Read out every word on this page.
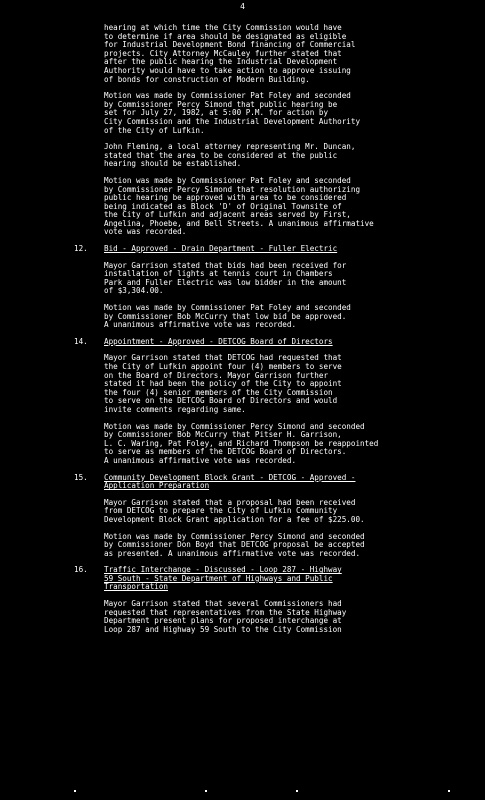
4

hearing at which time the City Commission would have

to determine if area should be designated as eligible

for Industrial Development Bond financing of Commercial

projects. City Attorney McCauley further stated that

after the public hearing the Industrial Development

Authority would have to take action to approve issuing

of bonds for construction of Modern Building.

Motion was made by Commissioner Pat Foley and seconded

by Commissioner Percy Simond that public hearing be

set for July 27, 1982, at 5:00 P.M. for action by

City Commission and the Industrial Development Authority

of the City of Lufkin.

John Fleming, a local attorney representing Mr. Duncan,

stated that the area to be considered at the public

hearing should be established.

Motion was made by Commissioner Pat Foley and seconded

by Commissioner Percy Simond that resolution authorizing

public hearing be approved with area to be considered

being indicated as Block 'D' of Original Townsite of

the City of Lufkin and adjacent areas served by First,

Angelina, Phoebe, and Bell Streets. A unanimous affirmative

vote was recorded.

12.	Bid - Approved - Drain Department - Fuller Electric

Mayor Garrison stated that bids had been received for

installation of lights at tennis court in Chambers

Park and Fuller Electric was low bidder in the amount

of $3,304.00.

Motion was made by Commissioner Pat Foley and seconded

by Commissioner Bob McCurry that low bid be approved.

A unanimous affirmative vote was recorded.

14.	Appointment - Approved - DETCOG Board of Directors

Mayor Garrison stated that DETCOG had requested that

the City of Lufkin appoint four (4) members to serve

on the Board of Directors. Mayor Garrison further

stated it had been the policy of the City to appoint

the four (4) senior members of the City Commission

to serve on the DETCOG Board of Directors and would

invite comments regarding same.

Motion was made by Commissioner Percy Simond and seconded

by Commissioner Bob McCurry that Pitser H. Garrison,

L. C. Waring, Pat Foley, and Richard Thompson be reappointed

to serve as members of the DETCOG Board of Directors.

A unanimous affirmative vote was recorded.

15.	Community Development Block Grant - DETCOG - Approved -
Application Preparation

Mayor Garrison stated that a proposal had been received

from DETCOG to prepare the City of Lufkin Community

Development Block Grant application for a fee of $225.00.

Motion was made by Commissioner Percy Simond and seconded

by Commissioner Don Boyd that DETCOG proposal be accepted

as presented. A unanimous affirmative vote was recorded.

16.	Traffic Interchange - Discussed - Loop 287 - Highway
59 South - State Department of Highways and Public
Transportation

Mayor Garrison stated that several Commissioners had

requested that representatives from the State Highway

Department present plans for proposed interchange at

Loop 287 and Highway 59 South to the City Commission
